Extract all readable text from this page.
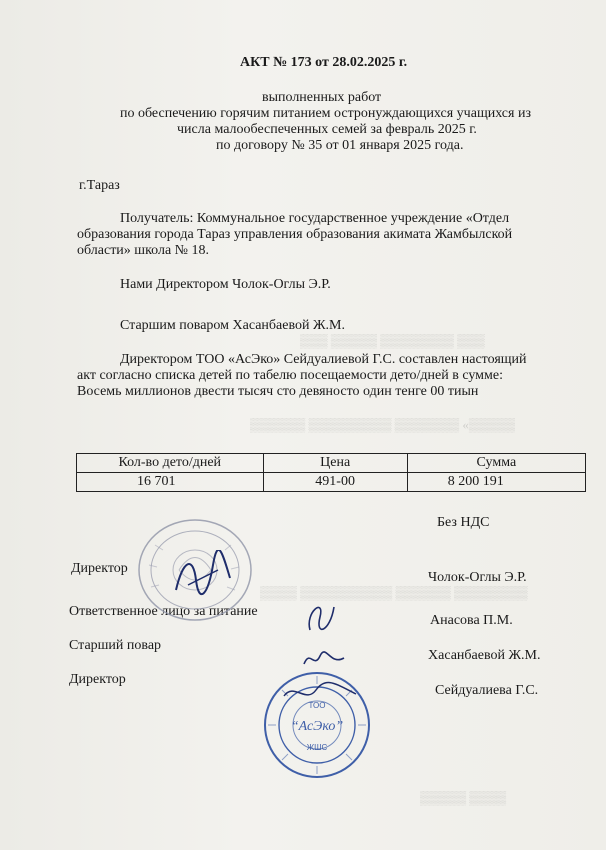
▒▒▒ ▒▒▒▒▒ ▒▒▒▒▒▒▒▒ ▒▒▒
▒▒▒▒▒▒ ▒▒▒▒▒▒▒▒▒ ▒▒▒▒▒▒▒ «▒▒▒▒▒
▒▒▒▒ ▒▒▒▒▒▒▒▒▒▒ ▒▒▒▒▒▒ ▒▒▒▒▒▒▒▒
▒▒▒▒▒ ▒▒▒▒
АКТ № 173 от 28.02.2025 г.
выполненных работ
по обеспечению горячим питанием остронуждающихся учащихся из
числа малообеспеченных семей за февраль 2025 г.
по договору № 35 от 01 января 2025 года.
г.Тараз
Получатель: Коммунальное государственное учреждение «Отдел
образования города Тараз управления образования акимата Жамбылской
области» школа № 18.
Нами Директором Чолок-Оглы Э.Р.
Старшим поваром Хасанбаевой Ж.М.
Директором ТОО «АсЭко» Сейдуалиевой Г.С. составлен настоящий
акт согласно списка детей по табелю посещаемости дето/дней в сумме:
Восемь миллионов двести тысяч сто девяносто один тенге 00 тиын
Кол-во дето/дней	Цена	Сумма
16 701	491-00	8 200 191
Без НДС
Директор
Чолок-Оглы Э.Р.
Ответственное лицо за питание
Анасова П.М.
Старший повар
Хасанбаевой Ж.М.
Директор
Сейдуалиева Г.С.
ТОО
“АсЭко”
ЖШС
